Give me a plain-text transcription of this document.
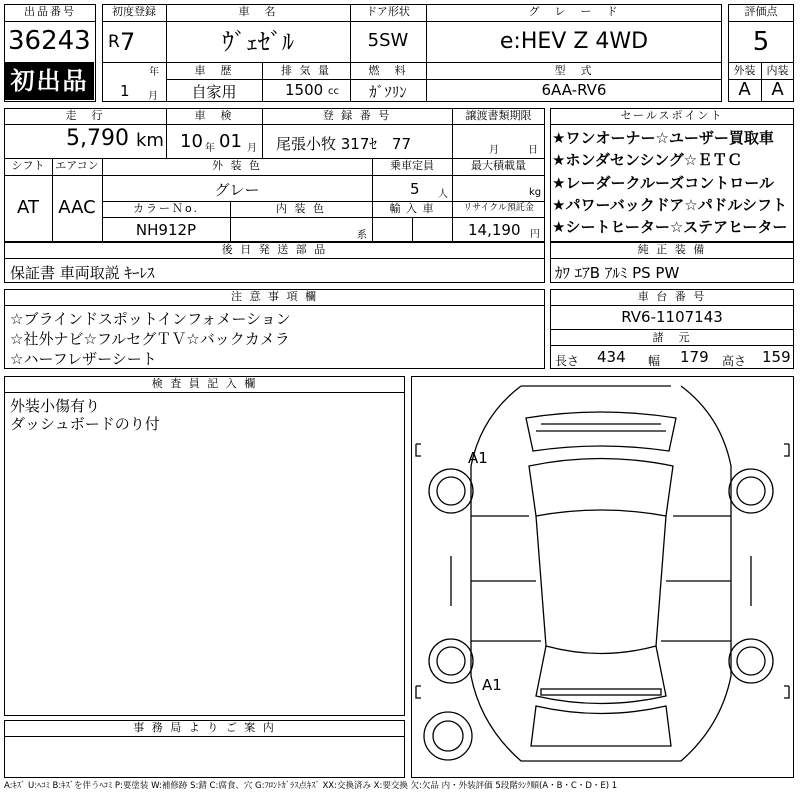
出品番号
36243
初出品
初度登録
R 7
年
1 月
車　名
ｳﾞｪｾﾞﾙ
ドア形状
5SW
グ　レ　ー　ド
e:HEV Z 4WD
車　歴
自家用
排 気 量
1500 cc
燃　料
ｶﾞｿﾘﾝ
型　式
6AA-RV6
評価点
5
外装	内装
A	A
走　行
5,790 km
車　検
10 年 01 月
登 録 番 号
尾張小牧 317ｾ　77
譲渡書類期限
月	日
シフト
AT
エアコン
AAC
外 装 色
グレー
乗車定員
5 人
最大積載量
kg
カラーＮo.
NH912P
内 装 色
系
輸 入 車	リサイクル預託金
14,190 円
セールスポイント
★ワンオーナー☆ユーザー買取車
★ホンダセンシング☆ＥＴＣ
★レーダークルーズコントロール
★パワーバックドア☆パドルシフト
★シートヒーター☆ステアヒーター
後 日 発 送 部 品
保証書 車両取説 ｷｰﾚｽ
純 正 装 備
ｶﾜ ｴｱB ｱﾙﾐ PS PW
注 意 事 項 欄
☆ブラインドスポットインフォメーション
☆社外ナビ☆フルセグＴＶ☆バックカメラ
☆ハーフレザーシート
車 台 番 号
RV6-1107143
諸　元
長さ 434 幅 179 高さ 159
検 査 員 記 入 欄
外装小傷有り
ダッシュボードのり付
事 務 局 よ り ご 案 内
A1
A1
A:ｷｽﾞ U:ﾍｺﾐ B:ｷｽﾞを伴うﾍｺﾐ P:要塗装 W:補修跡 S:錆 C:腐食、穴 G:ﾌﾛﾝﾄｶﾞﾗｽ点ｷｽﾞ XX:交換済み X:要交換 欠:欠品 内・外装評価 5段階ﾗﾝｸ順(A・B・C・D・E) 1
